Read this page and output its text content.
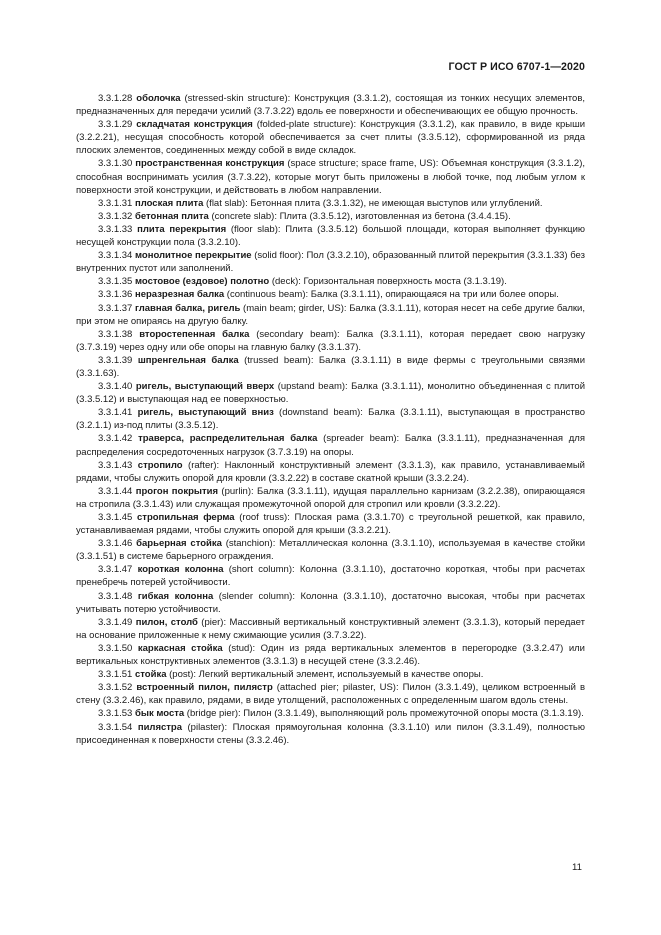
ГОСТ Р ИСО 6707-1—2020

3.3.1.28 оболочка (stressed-skin structure): Конструкция (3.3.1.2), состоящая из тонких несущих элементов, предназначенных для передачи усилий (3.7.3.22) вдоль ее поверхности и обеспечивающих ее общую прочность.

3.3.1.29 складчатая конструкция (folded-plate structure): Конструкция (3.3.1.2), как правило, в виде крыши (3.2.2.21), несущая способность которой обеспечивается за счет плиты (3.3.5.12), сформированной из ряда плоских элементов, соединенных между собой в виде складок.

3.3.1.30 пространственная конструкция (space structure; space frame, US): Объемная конструкция (3.3.1.2), способная воспринимать усилия (3.7.3.22), которые могут быть приложены в любой точке, под любым углом к поверхности этой конструкции, и действовать в любом направлении.

3.3.1.31 плоская плита (flat slab): Бетонная плита (3.3.1.32), не имеющая выступов или углублений.

3.3.1.32 бетонная плита (concrete slab): Плита (3.3.5.12), изготовленная из бетона (3.4.4.15).

3.3.1.33 плита перекрытия (floor slab): Плита (3.3.5.12) большой площади, которая выполняет функцию несущей конструкции пола (3.3.2.10).

3.3.1.34 монолитное перекрытие (solid floor): Пол (3.3.2.10), образованный плитой перекрытия (3.3.1.33) без внутренних пустот или заполнений.

3.3.1.35 мостовое (ездовое) полотно (deck): Горизонтальная поверхность моста (3.1.3.19).

3.3.1.36 неразрезная балка (continuous beam): Балка (3.3.1.11), опирающаяся на три или более опоры.

3.3.1.37 главная балка, ригель (main beam; girder, US): Балка (3.3.1.11), которая несет на себе другие балки, при этом не опираясь на другую балку.

3.3.1.38 второстепенная балка (secondary beam): Балка (3.3.1.11), которая передает свою нагрузку (3.7.3.19) через одну или обе опоры на главную балку (3.3.1.37).

3.3.1.39 шпренгельная балка (trussed beam): Балка (3.3.1.11) в виде фермы с треугольными связями (3.3.1.63).

3.3.1.40 ригель, выступающий вверх (upstand beam): Балка (3.3.1.11), монолитно объединенная с плитой (3.3.5.12) и выступающая над ее поверхностью.

3.3.1.41 ригель, выступающий вниз (downstand beam): Балка (3.3.1.11), выступающая в пространство (3.2.1.1) из-под плиты (3.3.5.12).

3.3.1.42 траверса, распределительная балка (spreader beam): Балка (3.3.1.11), предназначенная для распределения сосредоточенных нагрузок (3.7.3.19) на опоры.

3.3.1.43 стропило (rafter): Наклонный конструктивный элемент (3.3.1.3), как правило, устанавливаемый рядами, чтобы служить опорой для кровли (3.3.2.22) в составе скатной крыши (3.3.2.24).

3.3.1.44 прогон покрытия (purlin): Балка (3.3.1.11), идущая параллельно карнизам (3.2.2.38), опирающаяся на стропила (3.3.1.43) или служащая промежуточной опорой для стропил или кровли (3.3.2.22).

3.3.1.45 стропильная ферма (roof truss): Плоская рама (3.3.1.70) с треугольной решеткой, как правило, устанавливаемая рядами, чтобы служить опорой для крыши (3.3.2.21).

3.3.1.46 барьерная стойка (stanchion): Металлическая колонна (3.3.1.10), используемая в качестве стойки (3.3.1.51) в системе барьерного ограждения.

3.3.1.47 короткая колонна (short column): Колонна (3.3.1.10), достаточно короткая, чтобы при расчетах пренебречь потерей устойчивости.

3.3.1.48 гибкая колонна (slender column): Колонна (3.3.1.10), достаточно высокая, чтобы при расчетах учитывать потерю устойчивости.

3.3.1.49 пилон, столб (pier): Массивный вертикальный конструктивный элемент (3.3.1.3), который передает на основание приложенные к нему сжимающие усилия (3.7.3.22).

3.3.1.50 каркасная стойка (stud): Один из ряда вертикальных элементов в перегородке (3.3.2.47) или вертикальных конструктивных элементов (3.3.1.3) в несущей стене (3.3.2.46).

3.3.1.51 стойка (post): Легкий вертикальный элемент, используемый в качестве опоры.

3.3.1.52 встроенный пилон, пилястр (attached pier; pilaster, US): Пилон (3.3.1.49), целиком встроенный в стену (3.3.2.46), как правило, рядами, в виде утолщений, расположенных с определенным шагом вдоль стены.

3.3.1.53 бык моста (bridge pier): Пилон (3.3.1.49), выполняющий роль промежуточной опоры моста (3.1.3.19).

3.3.1.54 пилястра (pilaster): Плоская прямоугольная колонна (3.3.1.10) или пилон (3.3.1.49), полностью присоединенная к поверхности стены (3.3.2.46).

11
